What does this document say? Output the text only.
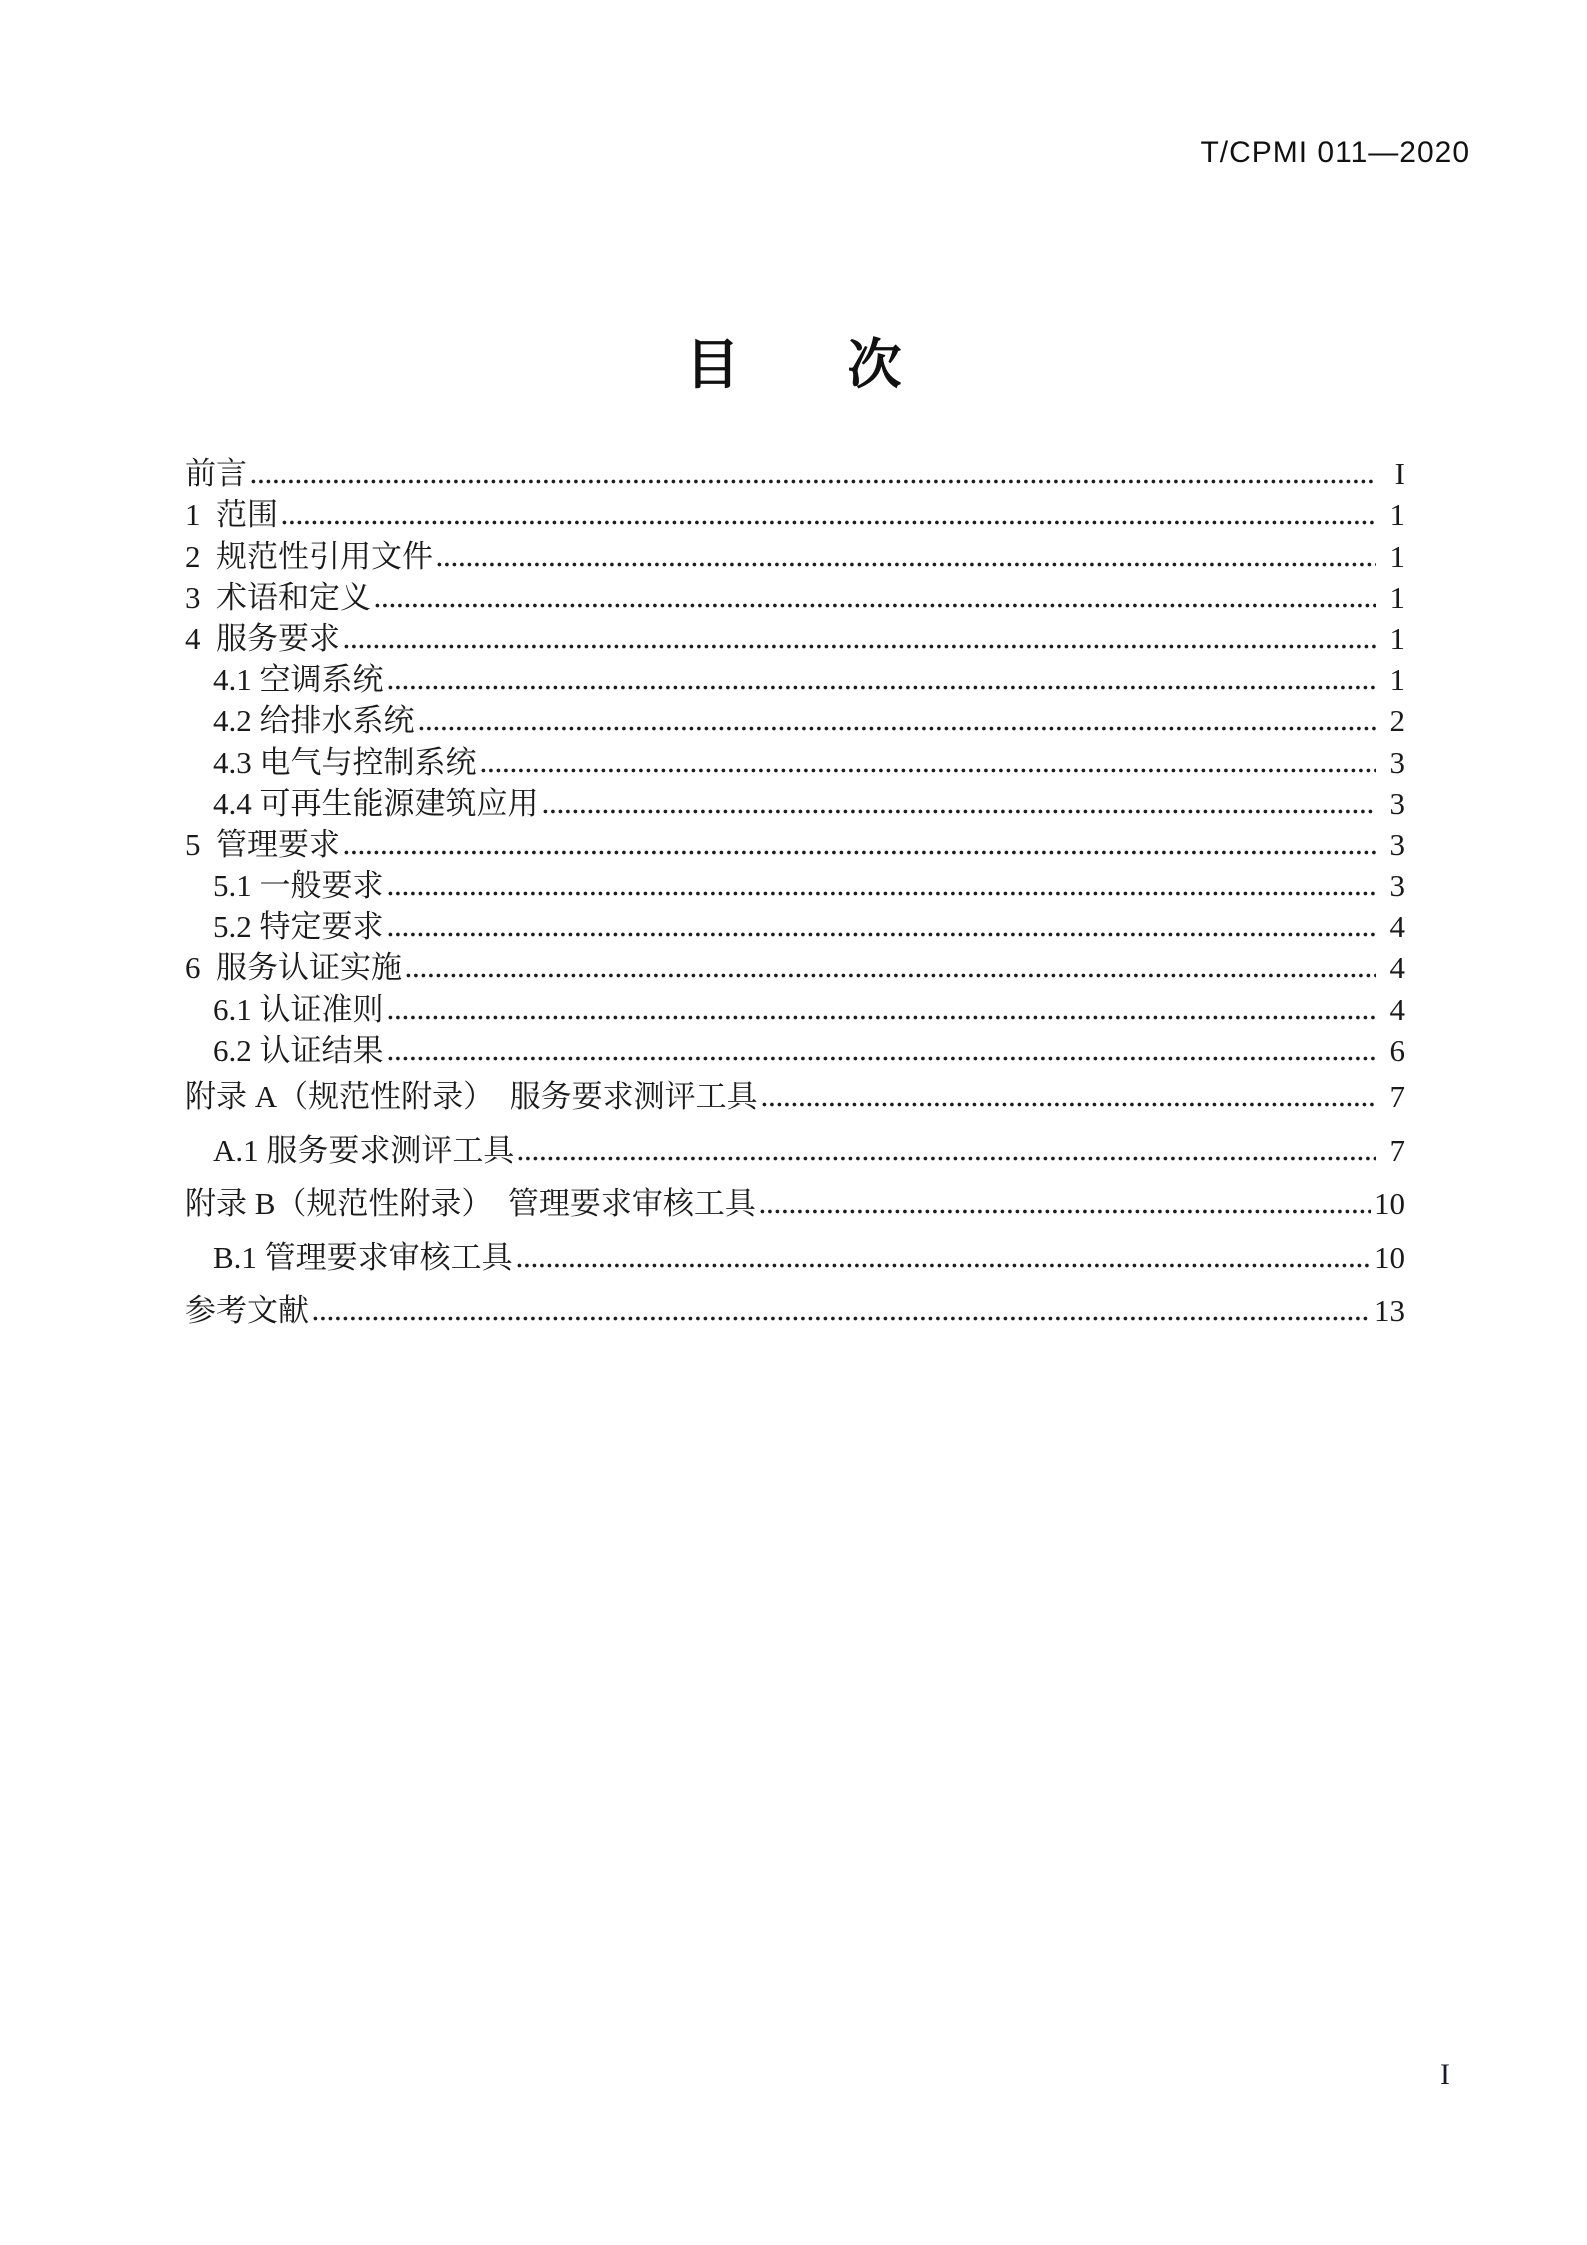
T/CPMI 011—2020
目　　次
前言	I
1  范围	1
2  规范性引用文件	1
3  术语和定义	1
4  服务要求	1
4.1 空调系统	1
4.2 给排水系统	2
4.3 电气与控制系统	3
4.4 可再生能源建筑应用	3
5  管理要求	3
5.1 一般要求	3
5.2 特定要求	4
6  服务认证实施	4
6.1 认证准则	4
6.2 认证结果	6
附录 A（规范性附录）　服务要求测评工具	7
A.1 服务要求测评工具	7
附录 B（规范性附录）　管理要求审核工具	10
B.1 管理要求审核工具	10
参考文献	13
I
